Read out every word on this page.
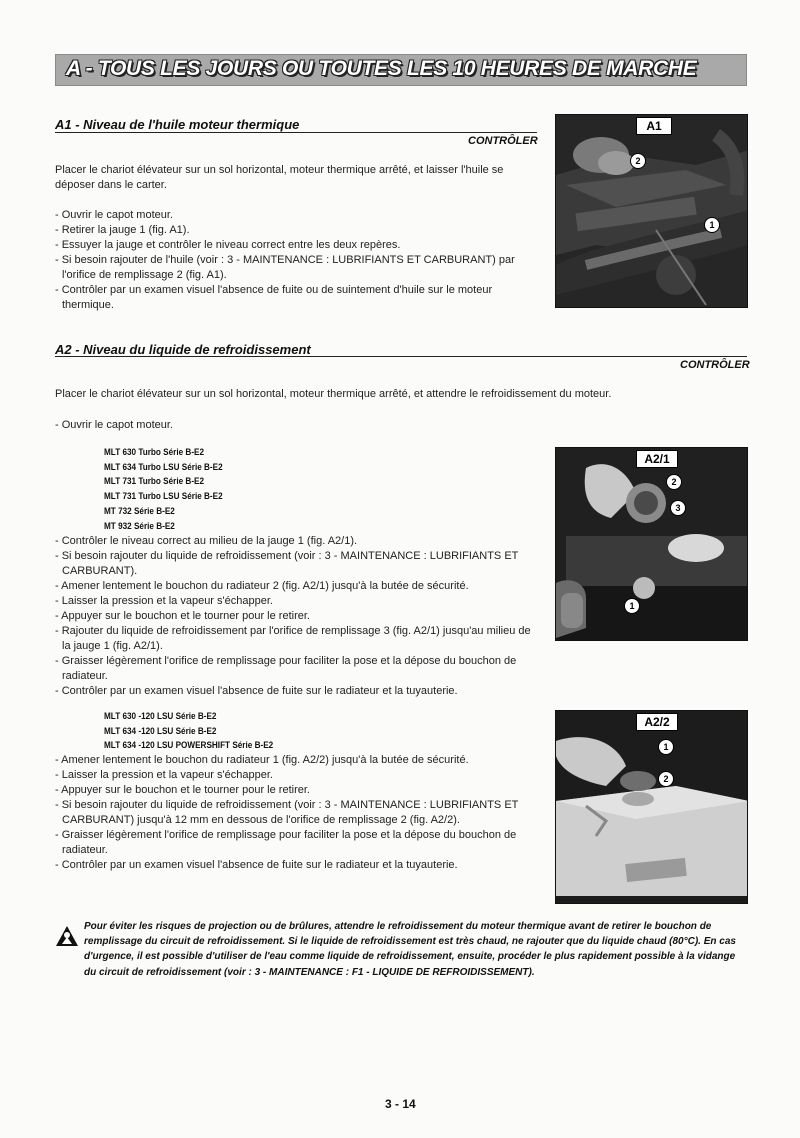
A - TOUS LES JOURS OU TOUTES LES 10 HEURES DE MARCHE
A1 - Niveau de l'huile moteur thermique
CONTRÔLER
Placer le chariot élévateur sur un sol horizontal, moteur thermique arrêté, et laisser l'huile se déposer dans le carter.
- Ouvrir le capot moteur.
- Retirer la jauge 1 (fig. A1).
- Essuyer la jauge et contrôler le niveau correct entre les deux repères.
- Si besoin rajouter de l'huile (voir : 3 - MAINTENANCE : LUBRIFIANTS ET CARBURANT) par l'orifice de remplissage 2 (fig. A1).
- Contrôler par un examen visuel l'absence de fuite ou de suintement d'huile sur le moteur thermique.
A1
2
1
A2 - Niveau du liquide de refroidissement
CONTRÔLER
Placer le chariot élévateur sur un sol horizontal, moteur thermique arrêté, et attendre le refroidissement du moteur.
- Ouvrir le capot moteur.
MLT 630 Turbo Série B-E2
MLT 634 Turbo LSU Série B-E2
MLT 731 Turbo Série B-E2
MLT 731 Turbo LSU Série B-E2
MT 732 Série B-E2
MT 932 Série B-E2
- Contrôler le niveau correct au milieu de la jauge 1 (fig. A2/1).
- Si besoin rajouter du liquide de refroidissement (voir : 3 - MAINTENANCE : LUBRIFIANTS ET CARBURANT).
- Amener lentement le bouchon du radiateur 2 (fig. A2/1) jusqu'à la butée de sécurité.
- Laisser la pression et la vapeur s'échapper.
- Appuyer sur le bouchon et le tourner pour le retirer.
- Rajouter du liquide de refroidissement par l'orifice de remplissage 3 (fig. A2/1) jusqu'au milieu de la jauge 1 (fig. A2/1).
- Graisser légèrement l'orifice de remplissage pour faciliter la pose et la dépose du bouchon de radiateur.
- Contrôler par un examen visuel l'absence de fuite sur le radiateur et la tuyauterie.
A2/1
2
3
1
MLT 630 -120 LSU Série B-E2
MLT 634 -120 LSU Série B-E2
MLT 634 -120 LSU POWERSHIFT Série B-E2
- Amener lentement le bouchon du radiateur 1 (fig. A2/2) jusqu'à la butée de sécurité.
- Laisser la pression et la vapeur s'échapper.
- Appuyer sur le bouchon et le tourner pour le retirer.
- Si besoin rajouter du liquide de refroidissement (voir : 3 - MAINTENANCE : LUBRIFIANTS ET CARBURANT) jusqu'à 12 mm en dessous de l'orifice de remplissage 2 (fig. A2/2).
- Graisser légèrement l'orifice de remplissage pour faciliter la pose et la dépose du bouchon de radiateur.
- Contrôler par un examen visuel l'absence de fuite sur le radiateur et la tuyauterie.
A2/2
1
2
Pour éviter les risques de projection ou de brûlures, attendre le refroidissement du moteur thermique avant de retirer le bouchon de remplissage du circuit de refroidissement. Si le liquide de refroidissement est très chaud, ne rajouter que du liquide chaud (80°C). En cas d'urgence, il est possible d'utiliser de l'eau comme liquide de refroidissement, ensuite, procéder le plus rapidement possible à la vidange du circuit de refroidissement (voir : 3 - MAINTENANCE : F1 - LIQUIDE DE REFROIDISSEMENT).
3 - 14
